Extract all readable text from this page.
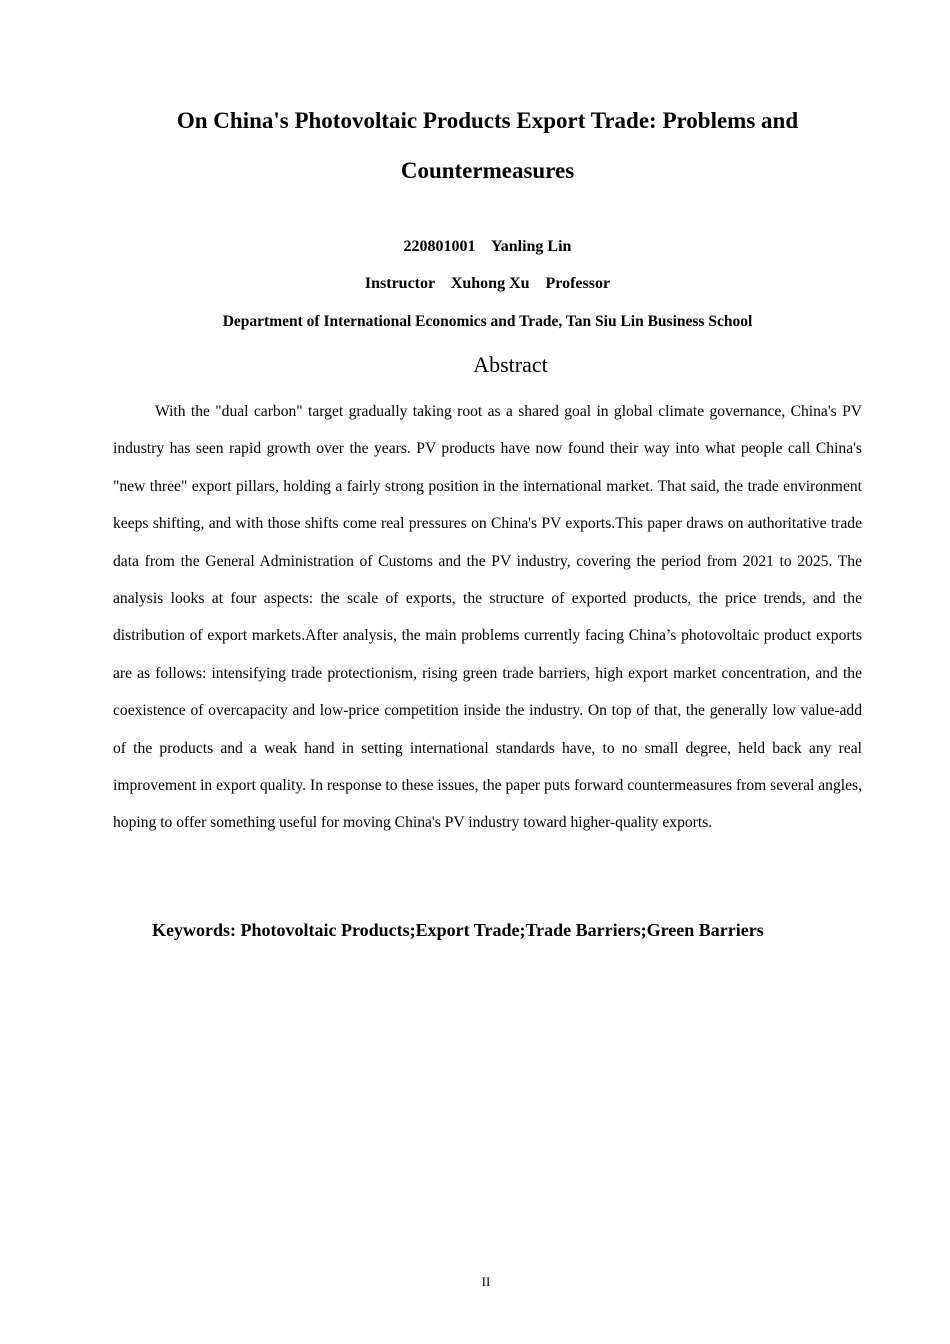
On China's Photovoltaic Products Export Trade: Problems and Countermeasures
220801001    Yanling Lin
Instructor    Xuhong Xu    Professor
Department of International Economics and Trade, Tan Siu Lin Business School
Abstract

With the "dual carbon" target gradually taking root as a shared goal in global climate governance, China's PV industry has seen rapid growth over the years. PV products have now found their way into what people call China's "new three" export pillars, holding a fairly strong position in the international market. That said, the trade environment keeps shifting, and with those shifts come real pressures on China's PV exports.This paper draws on authoritative trade data from the General Administration of Customs and the PV industry, covering the period from 2021 to 2025. The analysis looks at four aspects: the scale of exports, the structure of exported products, the price trends, and the distribution of export markets.After analysis, the main problems currently facing China’s photovoltaic product exports are as follows: intensifying trade protectionism, rising green trade barriers, high export market concentration, and the coexistence of overcapacity and low-price competition inside the industry. On top of that, the generally low value-add of the products and a weak hand in setting international standards have, to no small degree, held back any real improvement in export quality. In response to these issues, the paper puts forward countermeasures from several angles, hoping to offer something useful for moving China's PV industry toward higher-quality exports.

Keywords: Photovoltaic Products;Export Trade;Trade Barriers;Green Barriers
II
